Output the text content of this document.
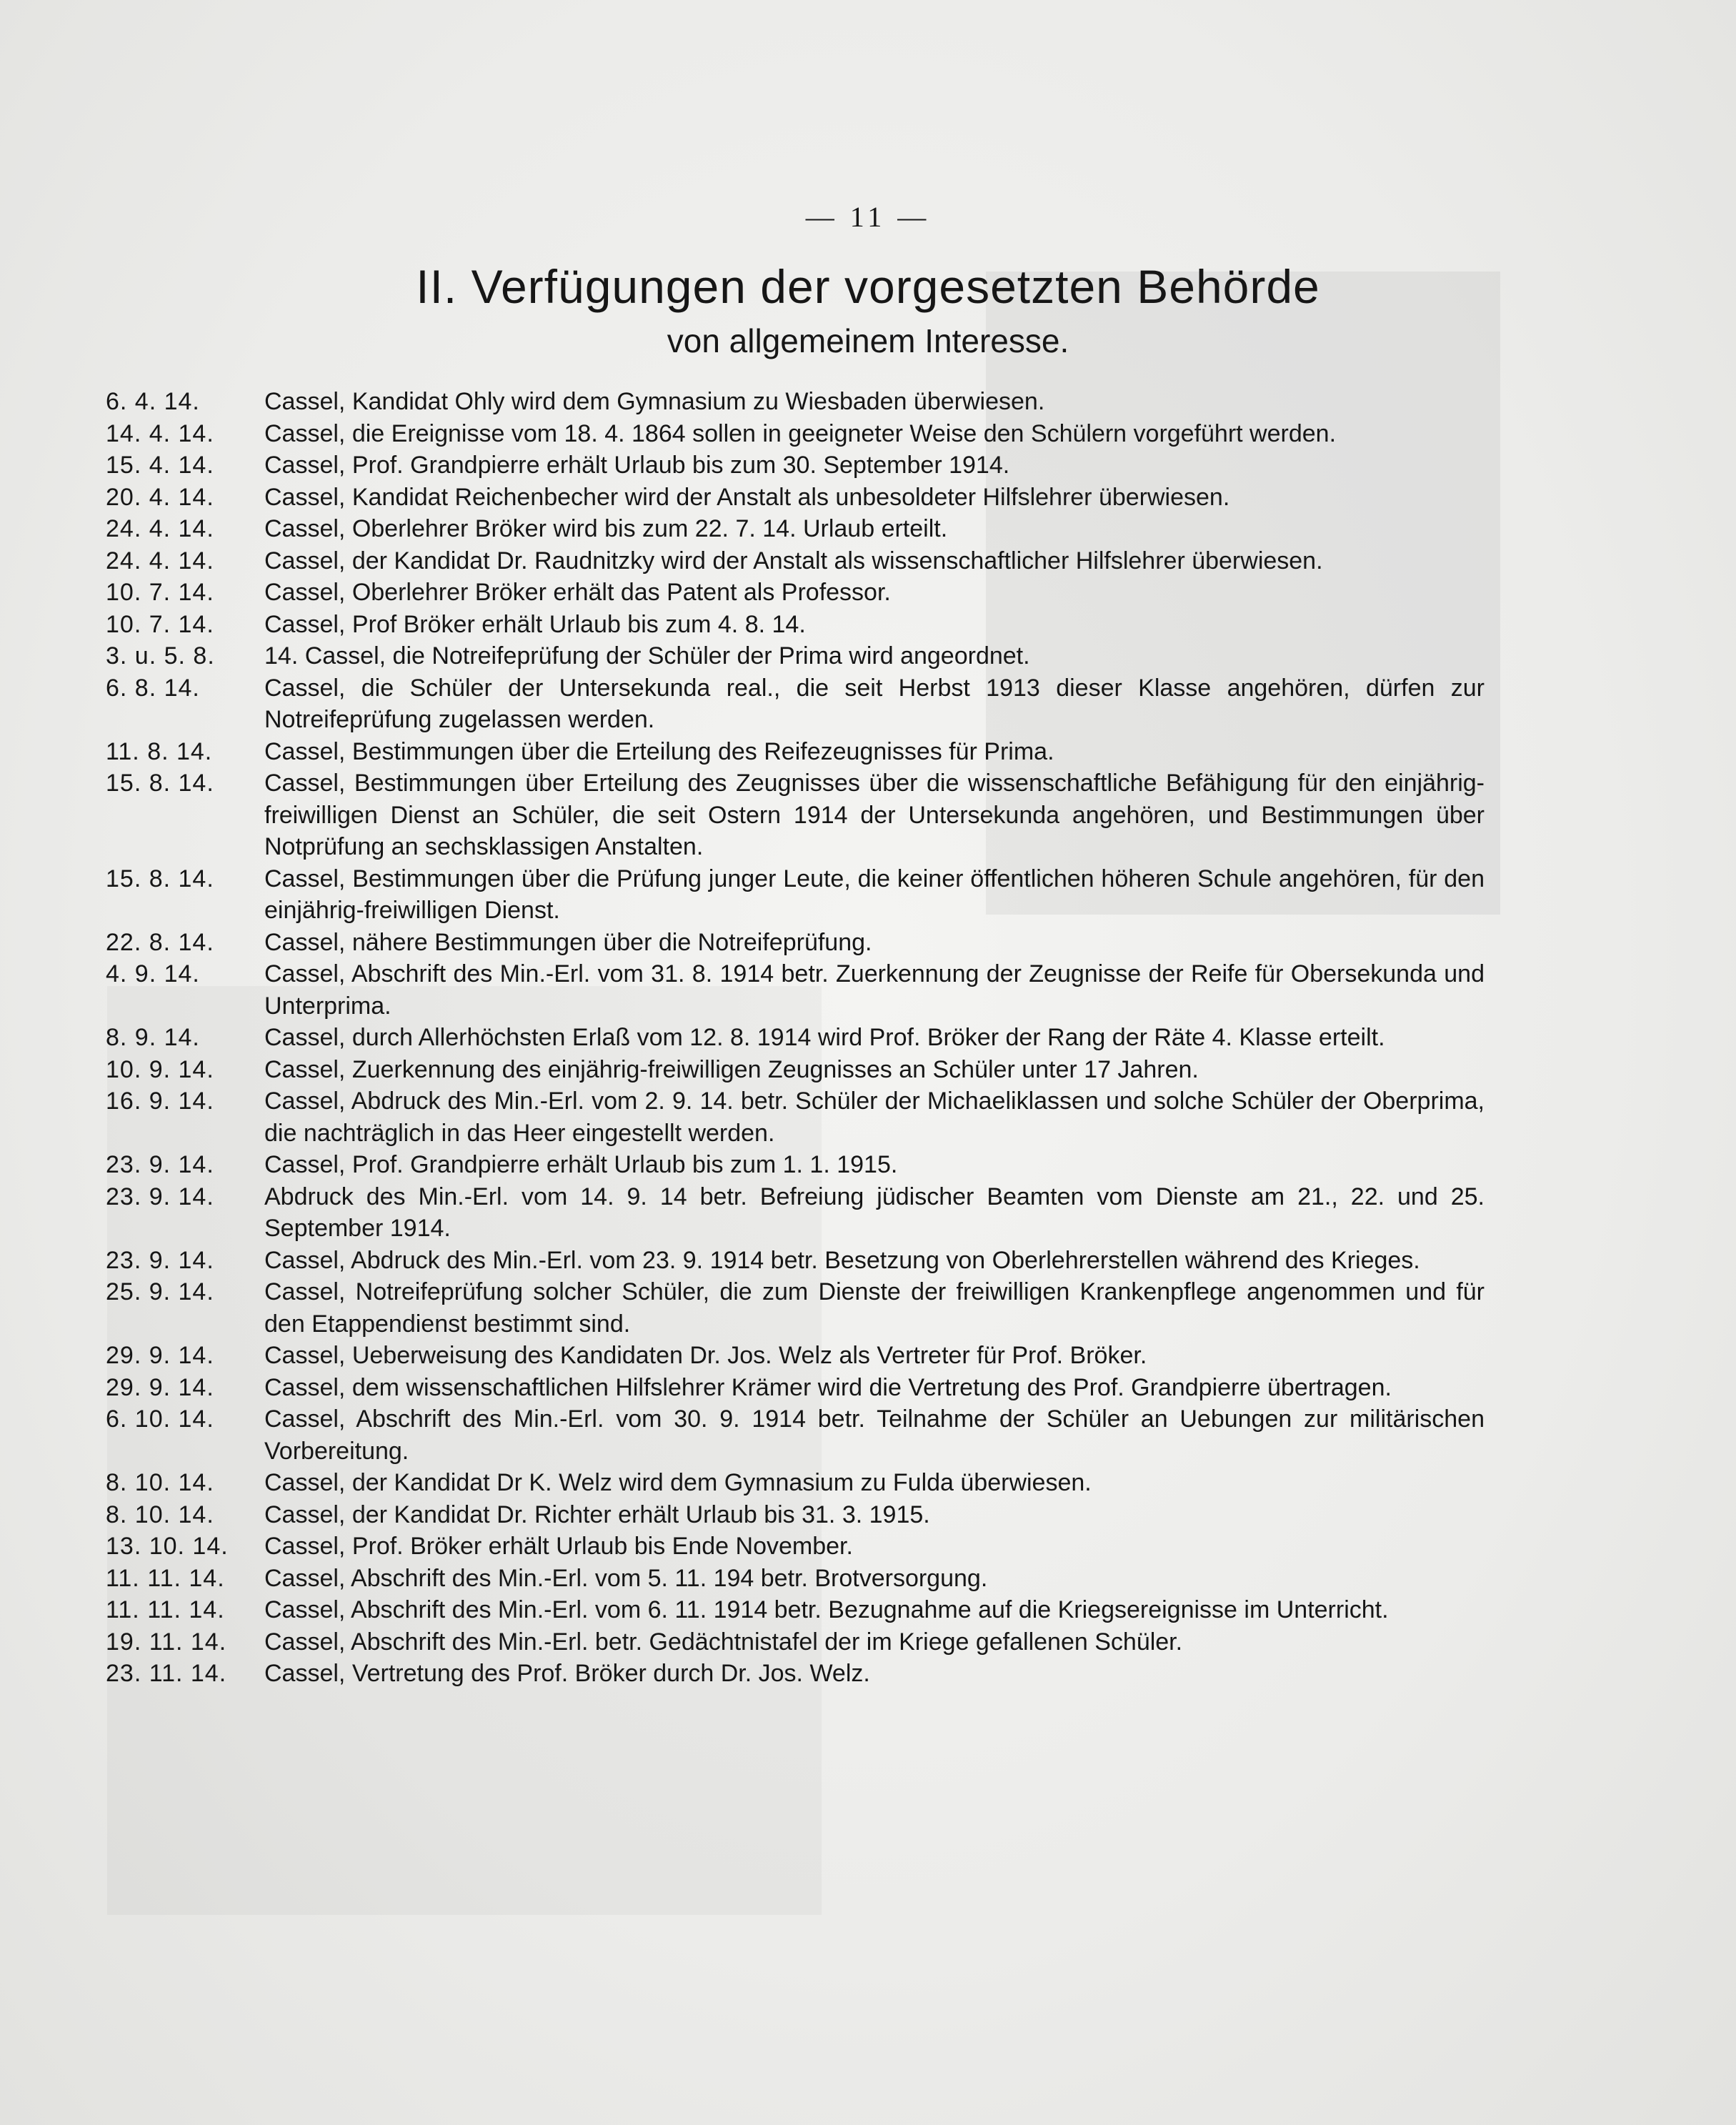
— 11 —
II. Verfügungen der vorgesetzten Behörde
von allgemeinem Interesse.
6. 4. 14.	Cassel, Kandidat Ohly wird dem Gymnasium zu Wiesbaden überwiesen.
14. 4. 14.	Cassel, die Ereignisse vom 18. 4. 1864 sollen in geeigneter Weise den Schülern vorgeführt werden.
15. 4. 14.	Cassel, Prof. Grandpierre erhält Urlaub bis zum 30. September 1914.
20. 4. 14.	Cassel, Kandidat Reichenbecher wird der Anstalt als unbesoldeter Hilfslehrer überwiesen.
24. 4. 14.	Cassel, Oberlehrer Bröker wird bis zum 22. 7. 14. Urlaub erteilt.
24. 4. 14.	Cassel, der Kandidat Dr. Raudnitzky wird der Anstalt als wissenschaftlicher Hilfslehrer überwiesen.
10. 7. 14.	Cassel, Oberlehrer Bröker erhält das Patent als Professor.
10. 7. 14.	Cassel, Prof Bröker erhält Urlaub bis zum 4. 8. 14.
3. u. 5. 8.	14. Cassel, die Notreifeprüfung der Schüler der Prima wird angeordnet.
6. 8. 14.	Cassel, die Schüler der Untersekunda real., die seit Herbst 1913 dieser Klasse angehören, dürfen zur Notreifeprüfung zugelassen werden.
11. 8. 14.	Cassel, Bestimmungen über die Erteilung des Reifezeugnisses für Prima.
15. 8. 14.	Cassel, Bestimmungen über Erteilung des Zeugnisses über die wissenschaftliche Befähigung für den einjährig-freiwilligen Dienst an Schüler, die seit Ostern 1914 der Untersekunda angehören, und Bestimmungen über Notprüfung an sechsklassigen Anstalten.
15. 8. 14.	Cassel, Bestimmungen über die Prüfung junger Leute, die keiner öffentlichen höheren Schule angehören, für den einjährig-freiwilligen Dienst.
22. 8. 14.	Cassel, nähere Bestimmungen über die Notreifeprüfung.
4. 9. 14.	Cassel, Abschrift des Min.-Erl. vom 31. 8. 1914 betr. Zuerkennung der Zeugnisse der Reife für Obersekunda und Unterprima.
8. 9. 14.	Cassel, durch Allerhöchsten Erlaß vom 12. 8. 1914 wird Prof. Bröker der Rang der Räte 4. Klasse erteilt.
10. 9. 14.	Cassel, Zuerkennung des einjährig-freiwilligen Zeugnisses an Schüler unter 17 Jahren.
16. 9. 14.	Cassel, Abdruck des Min.-Erl. vom 2. 9. 14. betr. Schüler der Michaeliklassen und solche Schüler der Oberprima, die nachträglich in das Heer eingestellt werden.
23. 9. 14.	Cassel, Prof. Grandpierre erhält Urlaub bis zum 1. 1. 1915.
23. 9. 14.	Abdruck des Min.-Erl. vom 14. 9. 14 betr. Befreiung jüdischer Beamten vom Dienste am 21., 22. und 25. September 1914.
23. 9. 14.	Cassel, Abdruck des Min.-Erl. vom 23. 9. 1914 betr. Besetzung von Oberlehrerstellen während des Krieges.
25. 9. 14.	Cassel, Notreifeprüfung solcher Schüler, die zum Dienste der freiwilligen Krankenpflege angenommen und für den Etappendienst bestimmt sind.
29. 9. 14.	Cassel, Ueberweisung des Kandidaten Dr. Jos. Welz als Vertreter für Prof. Bröker.
29. 9. 14.	Cassel, dem wissenschaftlichen Hilfslehrer Krämer wird die Vertretung des Prof. Grandpierre übertragen.
6. 10. 14.	Cassel, Abschrift des Min.-Erl. vom 30. 9. 1914 betr. Teilnahme der Schüler an Uebungen zur militärischen Vorbereitung.
8. 10. 14.	Cassel, der Kandidat Dr K. Welz wird dem Gymnasium zu Fulda überwiesen.
8. 10. 14.	Cassel, der Kandidat Dr. Richter erhält Urlaub bis 31. 3. 1915.
13. 10. 14.	Cassel, Prof. Bröker erhält Urlaub bis Ende November.
11. 11. 14.	Cassel, Abschrift des Min.-Erl. vom 5. 11. 194 betr. Brotversorgung.
11. 11. 14.	Cassel, Abschrift des Min.-Erl. vom 6. 11. 1914 betr. Bezugnahme auf die Kriegsereignisse im Unterricht.
19. 11. 14.	Cassel, Abschrift des Min.-Erl. betr. Gedächtnistafel der im Kriege gefallenen Schüler.
23. 11. 14.	Cassel, Vertretung des Prof. Bröker durch Dr. Jos. Welz.
